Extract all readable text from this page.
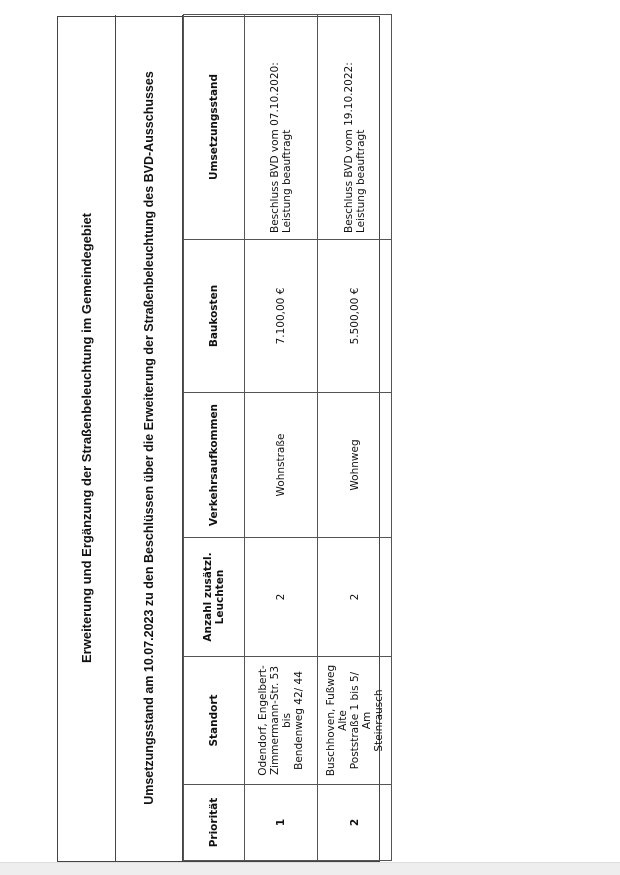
Erweiterung und Ergänzung der Straßenbeleuchtung im Gemeindegebiet	Umsetzungsstand am 10.07.2023 zu den Beschlüssen über die Erweiterung der Straßenbeleuchtung des BVD-Ausschusses
Priorität	Standort	Anzahl zusätzl. Leuchten	Verkehrsaufkommen	Baukosten	Umsetzungsstand
1	Odendorf, Engelbert- Zimmermann-Str. 53 bis Bendenweg 42/ 44	2	Wohnstraße	7.100,00 €	Beschluss BVD vom 07.10.2020: Leistung beauftragt

2	Buschhoven, Fußweg Alte Poststraße 1 bis 5/ Am Steinrausch	2	Wohnweg	5.500,00 €	Beschluss BVD vom 19.10.2022: Leistung beauftragt
